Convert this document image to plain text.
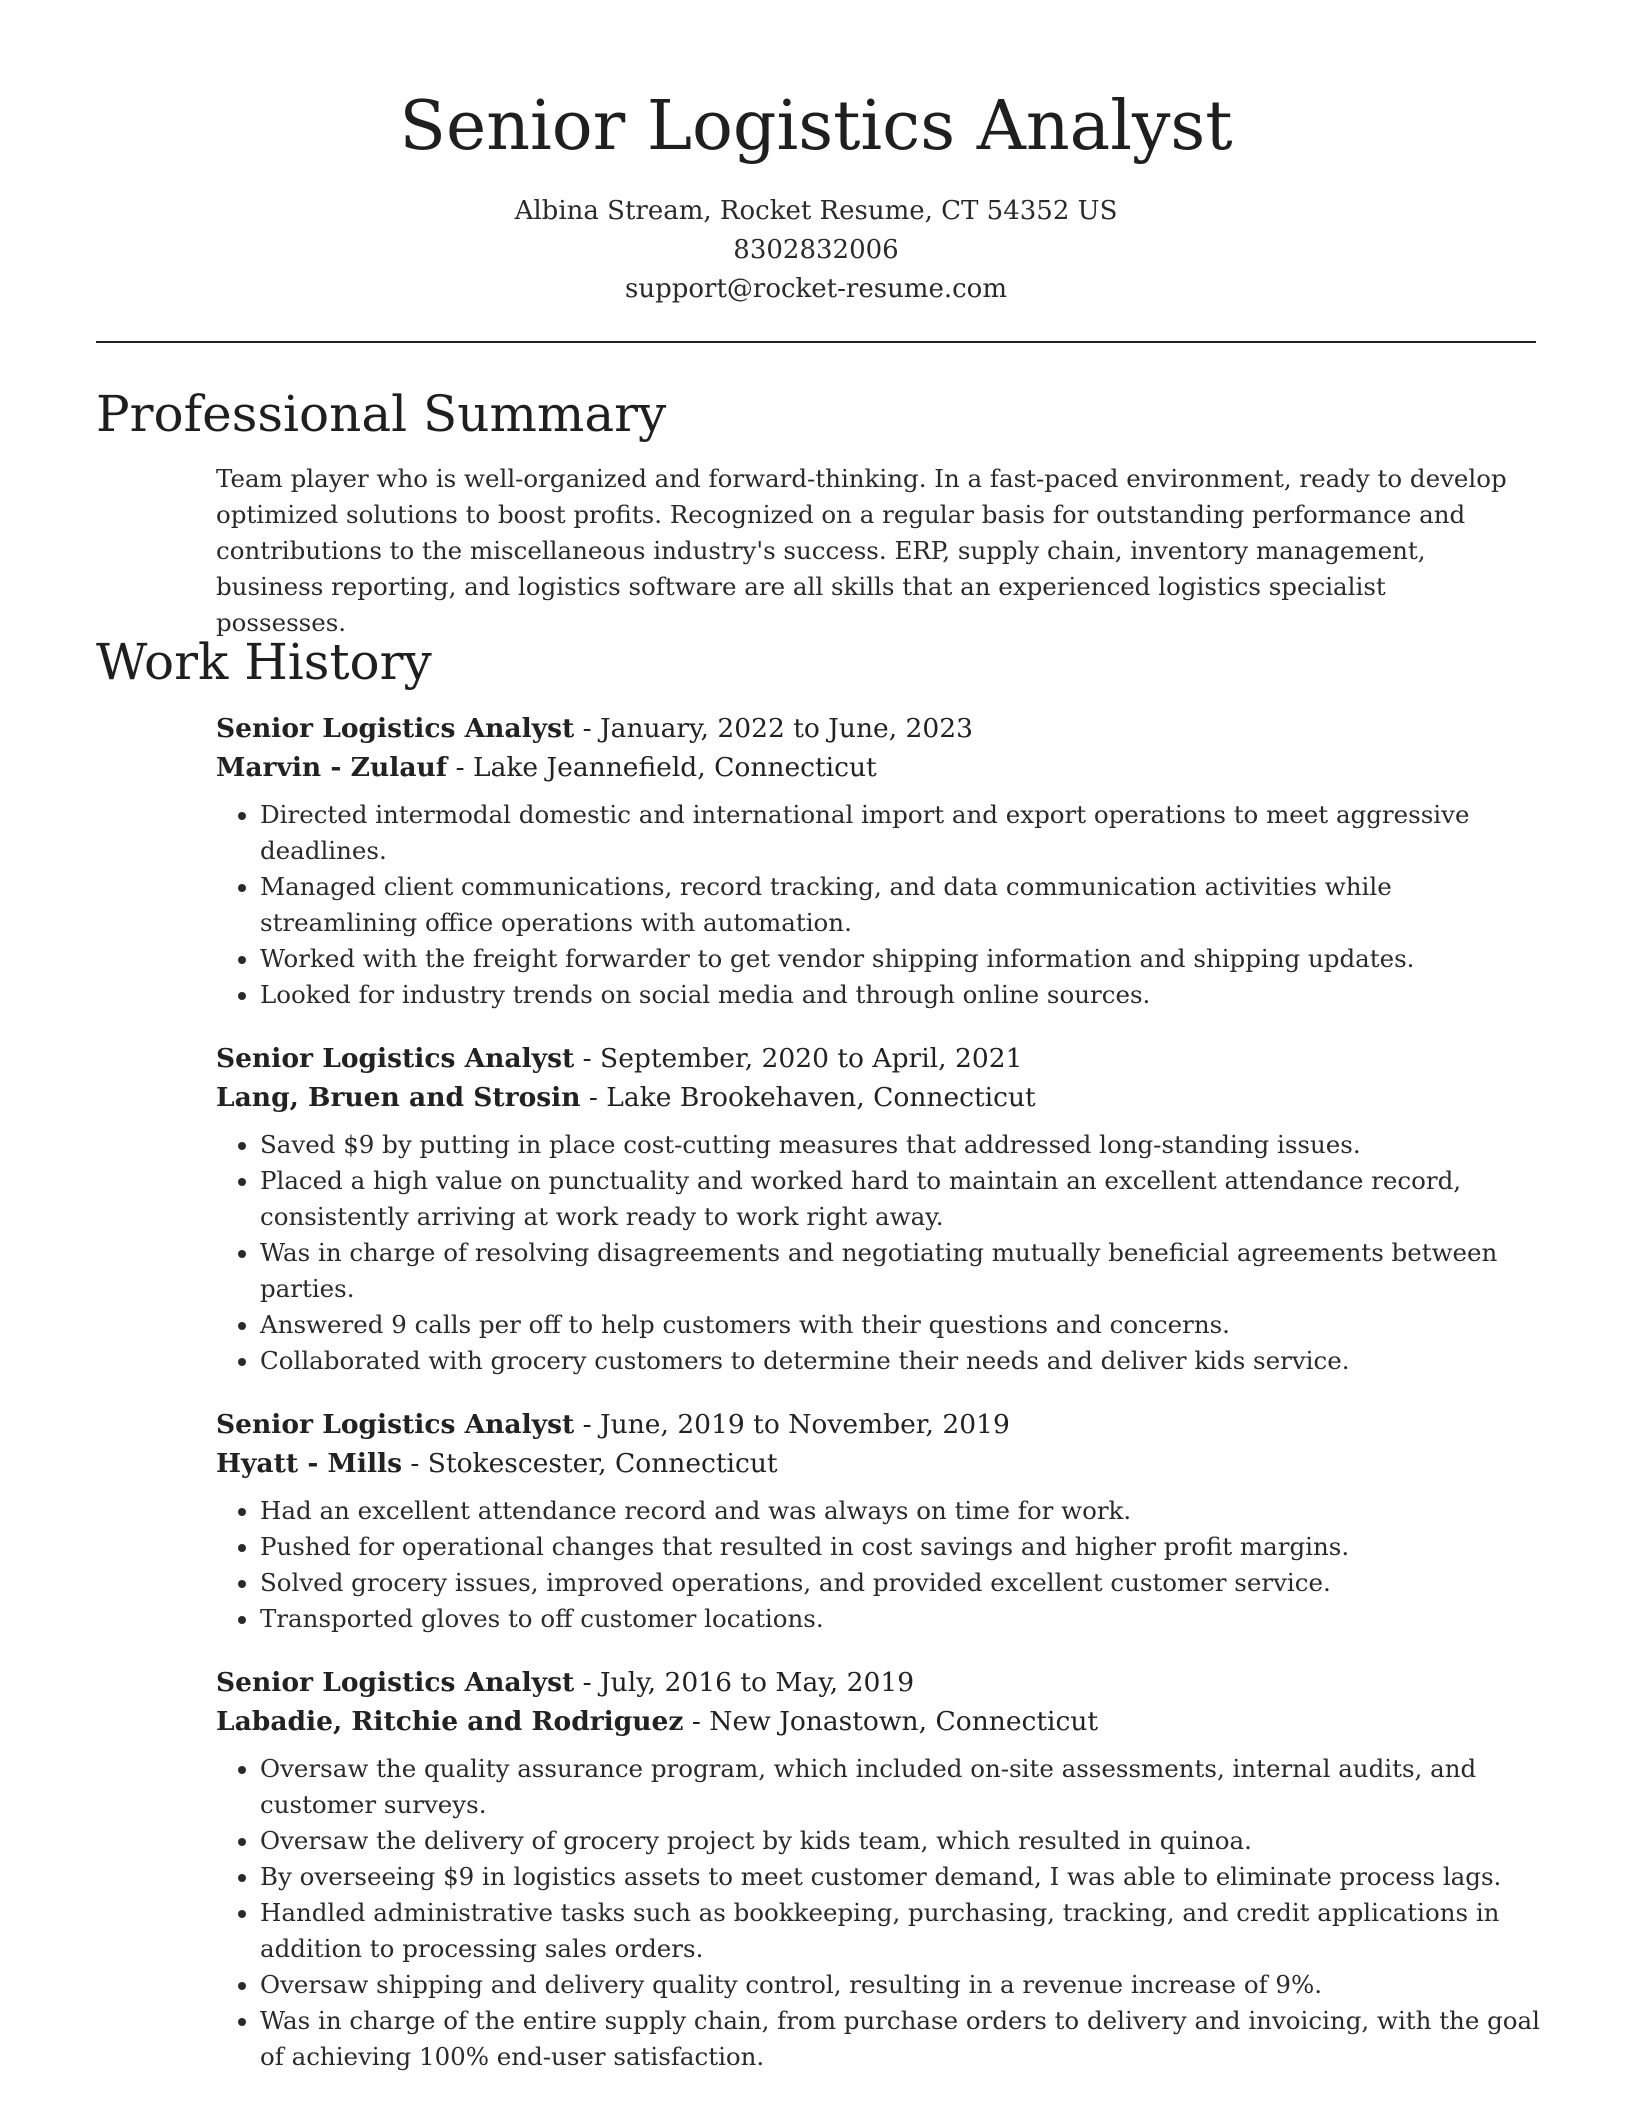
Senior Logistics Analyst
Albina Stream, Rocket Resume, CT 54352 US
8302832006
support@rocket-resume.com
Professional Summary
Team player who is well-organized and forward-thinking. In a fast-paced environment, ready to develop optimized solutions to boost profits. Recognized on a regular basis for outstanding performance and contributions to the miscellaneous industry's success. ERP, supply chain, inventory management, business reporting, and logistics software are all skills that an experienced logistics specialist possesses.
Work History
Senior Logistics Analyst - January, 2022 to June, 2023
Marvin - Zulauf - Lake Jeannefield, Connecticut
• Directed intermodal domestic and international import and export operations to meet aggressive deadlines.
• Managed client communications, record tracking, and data communication activities while streamlining office operations with automation.
• Worked with the freight forwarder to get vendor shipping information and shipping updates.
• Looked for industry trends on social media and through online sources.
Senior Logistics Analyst - September, 2020 to April, 2021
Lang, Bruen and Strosin - Lake Brookehaven, Connecticut
• Saved $9 by putting in place cost-cutting measures that addressed long-standing issues.
• Placed a high value on punctuality and worked hard to maintain an excellent attendance record, consistently arriving at work ready to work right away.
• Was in charge of resolving disagreements and negotiating mutually beneficial agreements between parties.
• Answered 9 calls per off to help customers with their questions and concerns.
• Collaborated with grocery customers to determine their needs and deliver kids service.
Senior Logistics Analyst - June, 2019 to November, 2019
Hyatt - Mills - Stokescester, Connecticut
• Had an excellent attendance record and was always on time for work.
• Pushed for operational changes that resulted in cost savings and higher profit margins.
• Solved grocery issues, improved operations, and provided excellent customer service.
• Transported gloves to off customer locations.
Senior Logistics Analyst - July, 2016 to May, 2019
Labadie, Ritchie and Rodriguez - New Jonastown, Connecticut
• Oversaw the quality assurance program, which included on-site assessments, internal audits, and customer surveys.
• Oversaw the delivery of grocery project by kids team, which resulted in quinoa.
• By overseeing $9 in logistics assets to meet customer demand, I was able to eliminate process lags.
• Handled administrative tasks such as bookkeeping, purchasing, tracking, and credit applications in addition to processing sales orders.
• Oversaw shipping and delivery quality control, resulting in a revenue increase of 9%.
• Was in charge of the entire supply chain, from purchase orders to delivery and invoicing, with the goal of achieving 100% end-user satisfaction.
